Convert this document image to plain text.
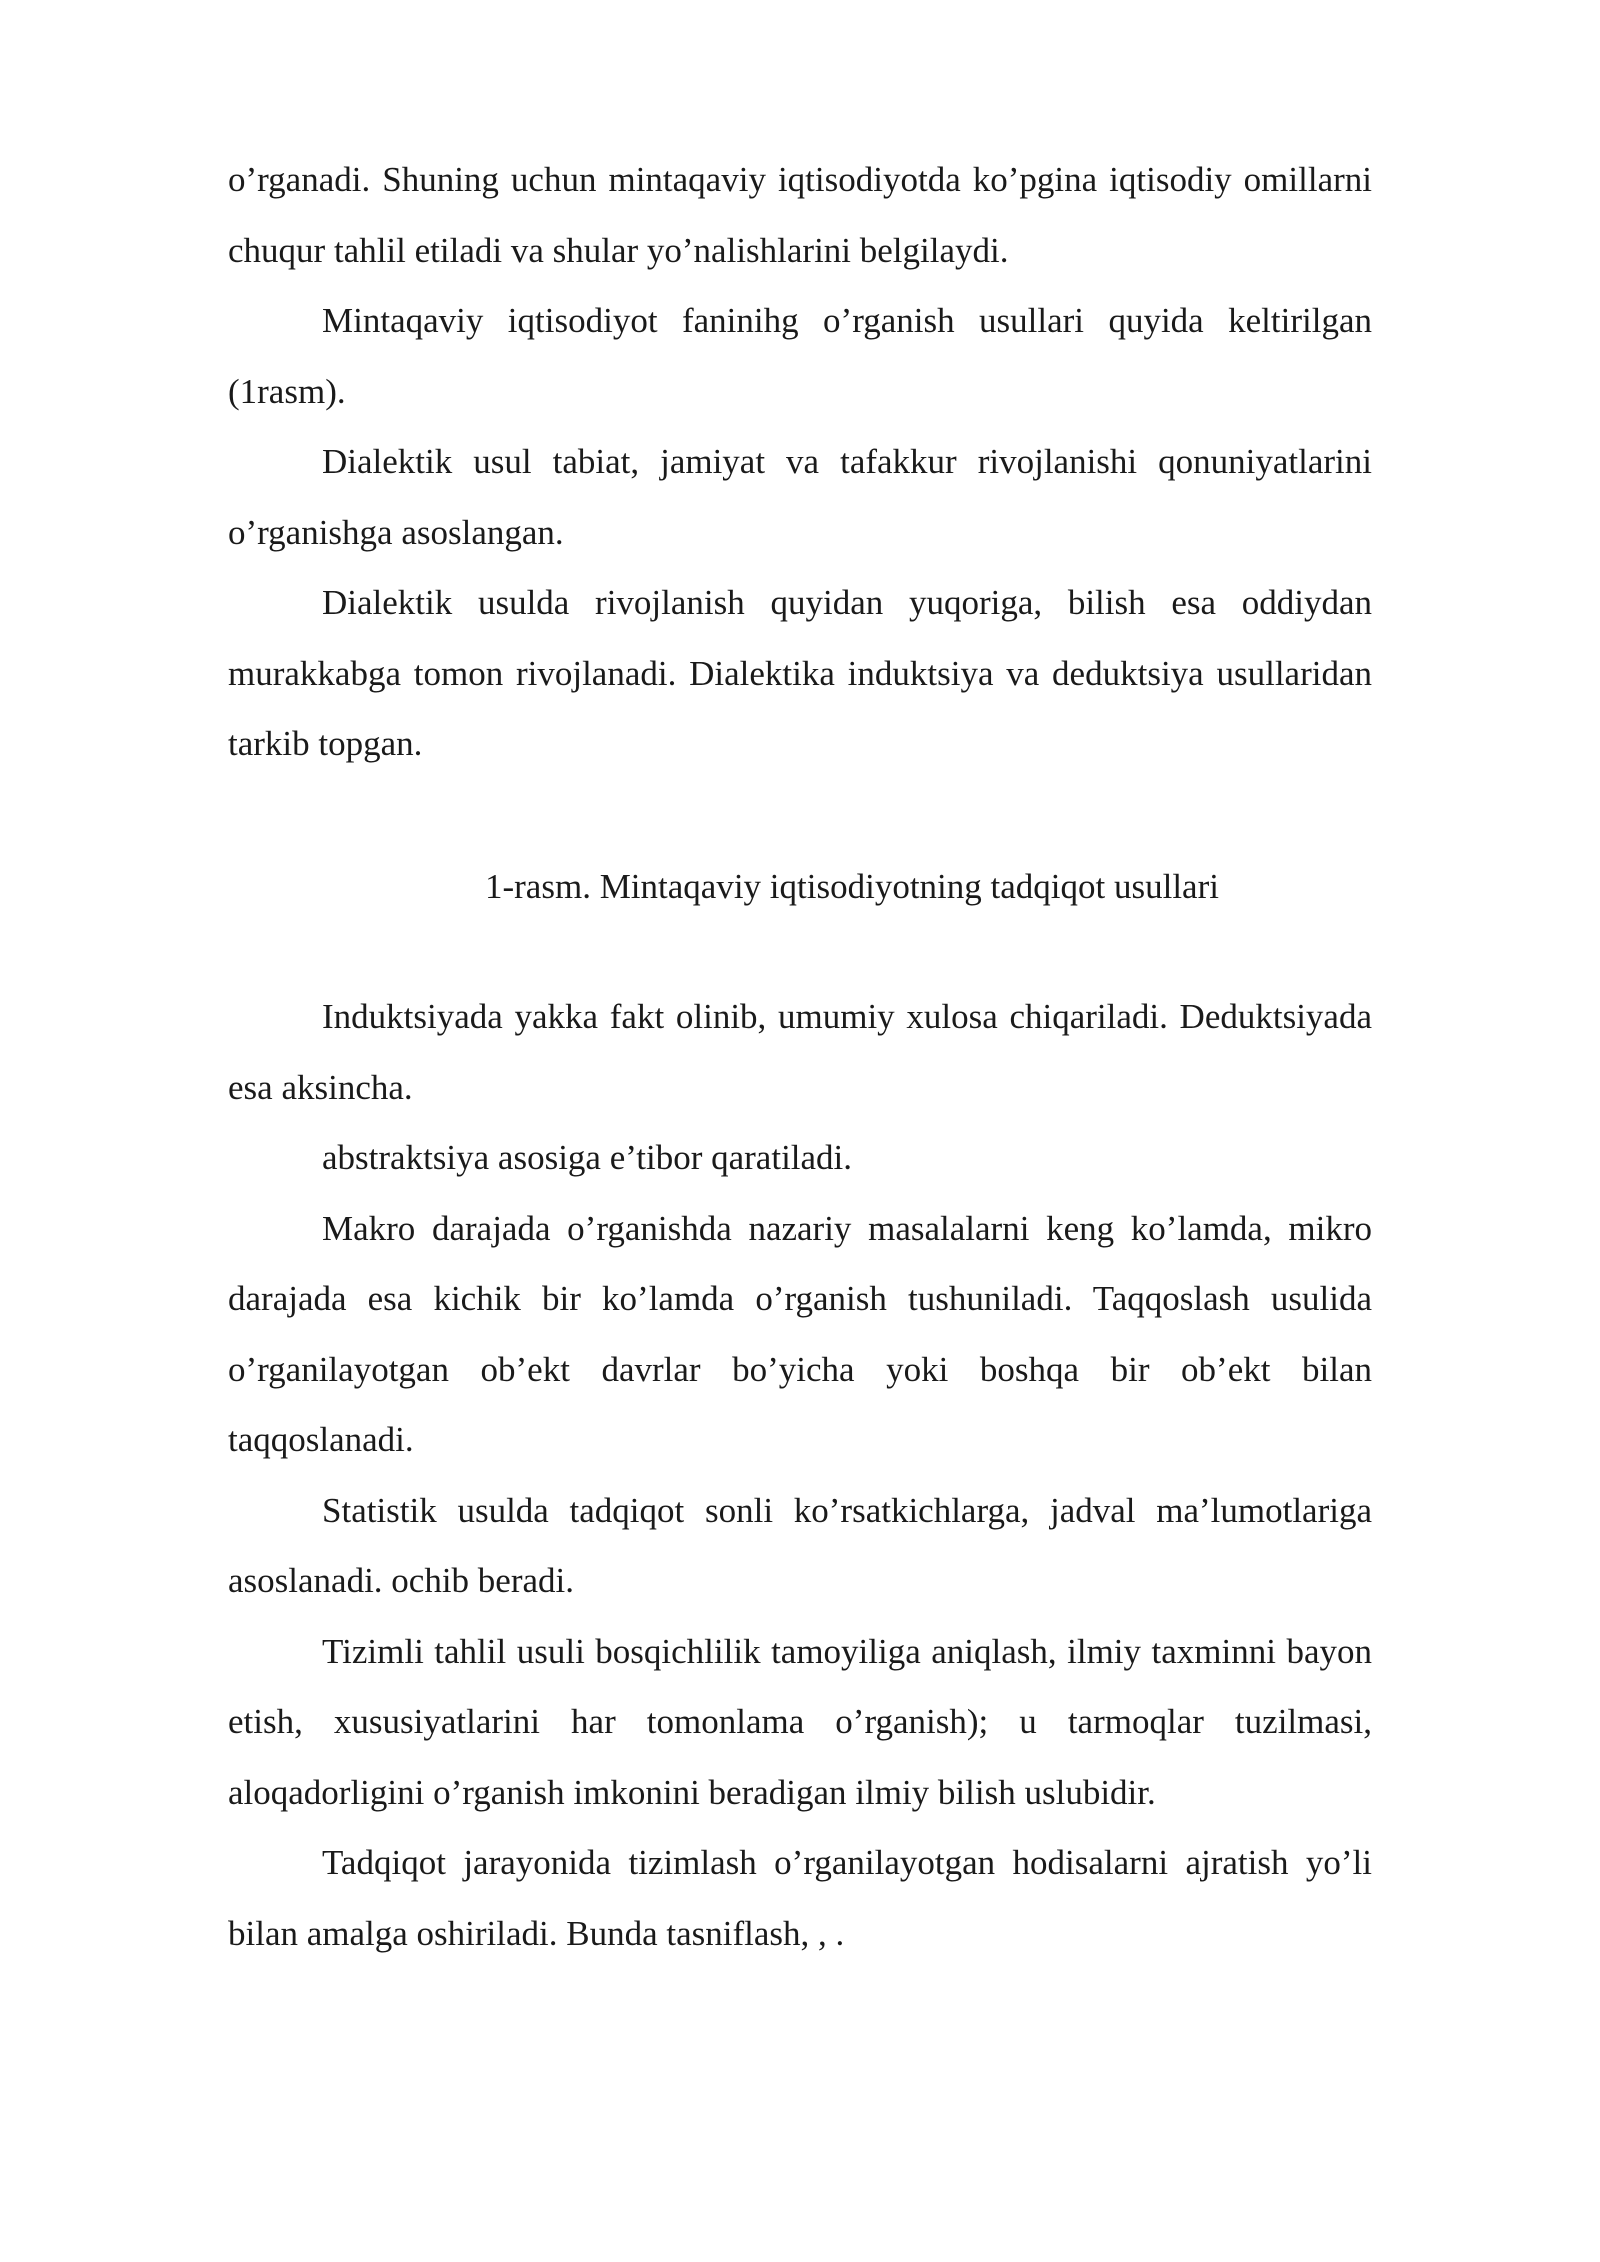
o’rganadi. Shuning uchun mintaqaviy iqtisodiyotda ko’pgina iqtisodiy omillarni chuqur tahlil etiladi va shular yo’nalishlarini belgilaydi.

Mintaqaviy iqtisodiyot faninihg o’rganish usullari quyida keltirilgan (1rasm).

Dialektik usul tabiat, jamiyat va tafakkur rivojlanishi qonuniyatlarini o’rganishga asoslangan.

Dialektik usulda rivojlanish quyidan yuqoriga, bilish esa oddiydan murakkabga tomon rivojlanadi. Dialektika induktsiya va deduktsiya usullaridan tarkib topgan.

1-rasm. Mintaqaviy iqtisodiyotning tadqiqot usullari

Induktsiyada yakka fakt olinib, umumiy xulosa chiqariladi. Deduktsiyada esa aksincha.

abstraktsiya asosiga e’tibor qaratiladi.

Makro darajada o’rganishda nazariy masalalarni keng ko’lamda, mikro darajada esa kichik bir ko’lamda o’rganish tushuniladi. Taqqoslash usulida o’rganilayotgan ob’ekt davrlar bo’yicha yoki boshqa bir ob’ekt bilan taqqoslanadi.

Statistik usulda tadqiqot sonli ko’rsatkichlarga, jadval ma’lumotlariga asoslanadi. ochib beradi.

Tizimli tahlil usuli bosqichlilik tamoyiliga aniqlash, ilmiy taxminni bayon etish, xususiyatlarini har tomonlama o’rganish); u tarmoqlar tuzilmasi, aloqadorligini o’rganish imkonini beradigan ilmiy bilish uslubidir.

Tadqiqot jarayonida tizimlash o’rganilayotgan hodisalarni ajratish yo’li bilan amalga oshiriladi. Bunda tasniflash, , .
